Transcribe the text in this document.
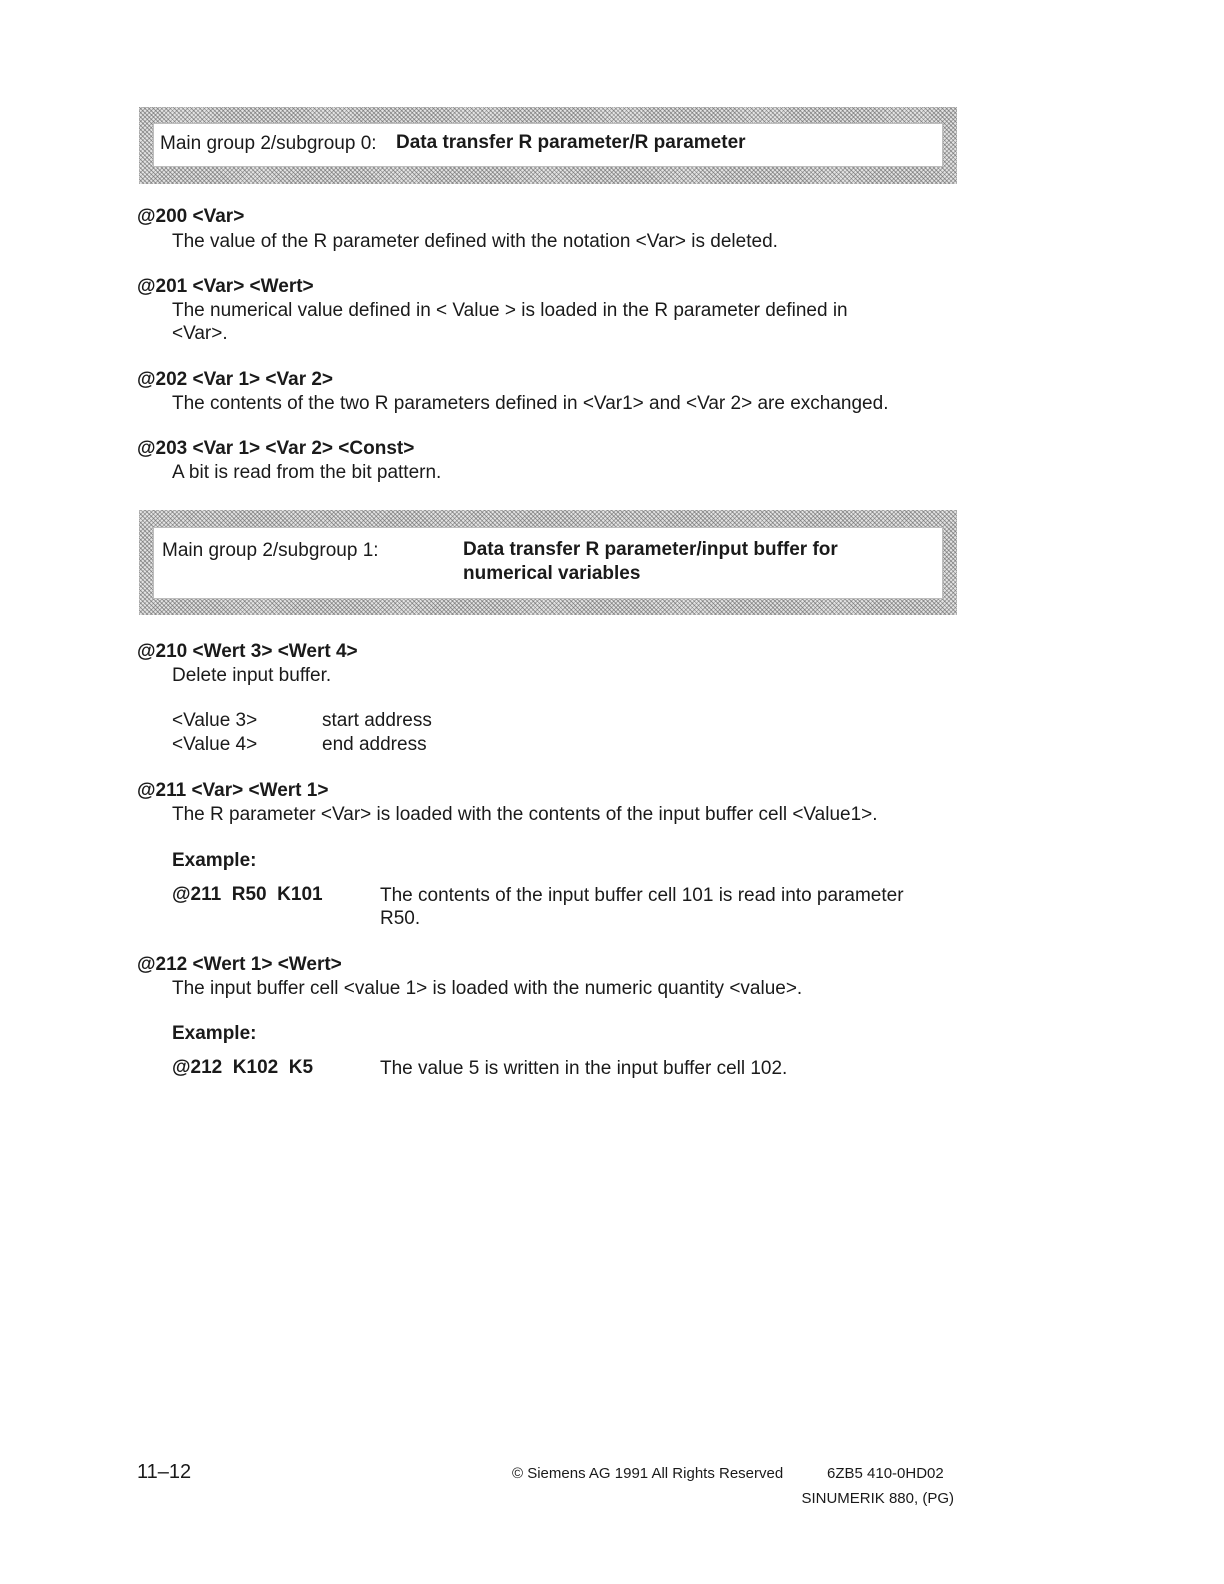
Main group 2/subgroup 0: Data transfer R parameter/R parameter
@200 <Var>
The value of the R parameter defined with the notation <Var> is deleted.
@201 <Var> <Wert>
The numerical value defined in < Value > is loaded in the R parameter defined in
<Var>.
@202 <Var 1> <Var 2>
The contents of the two R parameters defined in <Var1> and <Var 2> are exchanged.
@203 <Var 1> <Var 2> <Const>
A bit is read from the bit pattern.
Main group 2/subgroup 1:	Data transfer R parameter/input buffer for
numerical variables
@210 <Wert 3> <Wert 4>
Delete input buffer.
<Value 3>	start address
<Value 4>	end address
@211 <Var> <Wert 1>
The R parameter <Var> is loaded with the contents of the input buffer cell <Value1>.
Example:
@211  R50  K101	The contents of the input buffer cell 101 is read into parameter
R50.
@212 <Wert 1> <Wert>
The input buffer cell <value 1> is loaded with the numeric quantity <value>.
Example:
@212  K102  K5	The value 5 is written in the input buffer cell 102.
11–12	© Siemens AG 1991 All Rights Reserved	6ZB5 410-0HD02
SINUMERIK 880, (PG)
